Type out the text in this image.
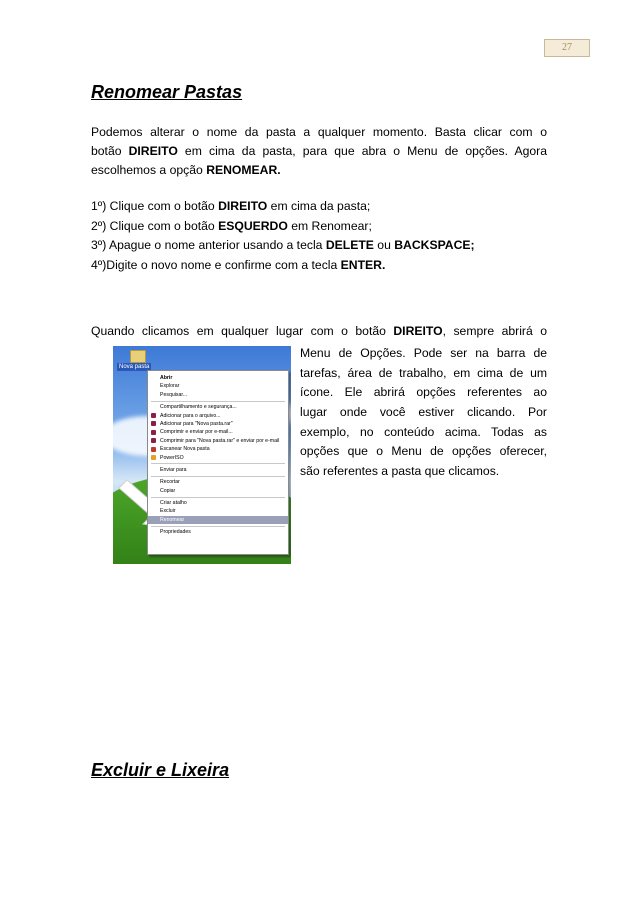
27
Renomear Pastas

Podemos alterar o nome da pasta a qualquer momento. Basta clicar com o
botão DIREITO em cima da pasta, para que abra o Menu de opções. Agora
escolhemos a opção RENOMEAR.

1º) Clique com o botão DIREITO em cima da pasta;
2º) Clique com o botão ESQUERDO em Renomear;
3º) Apague o nome anterior usando a tecla DELETE ou BACKSPACE;
4º)Digite o novo nome e confirme com a tecla ENTER.

Quando clicamos em qualquer lugar com o botão DIREITO, sempre abrirá o

Nova pasta
Abrir
Explorar
Pesquisar...
Compartilhamento e segurança...
Adicionar para o arquivo...
Adicionar para "Nova pasta.rar"
Comprimir e enviar por e-mail...
Comprimir para "Nova pasta.rar" e enviar por e-mail
Escanear Nova pasta
PowerISO
Enviar para
Recortar
Copiar
Criar atalho
Excluir
Renomear
Propriedades
Menu de Opções. Pode ser na barra de
tarefas, área de trabalho, em cima de um
ícone. Ele abrirá opções referentes ao
lugar onde você estiver clicando. Por
exemplo, no conteúdo acima. Todas as
opções que o Menu de opções oferecer,
são referentes a pasta que clicamos.
Excluir e Lixeira
